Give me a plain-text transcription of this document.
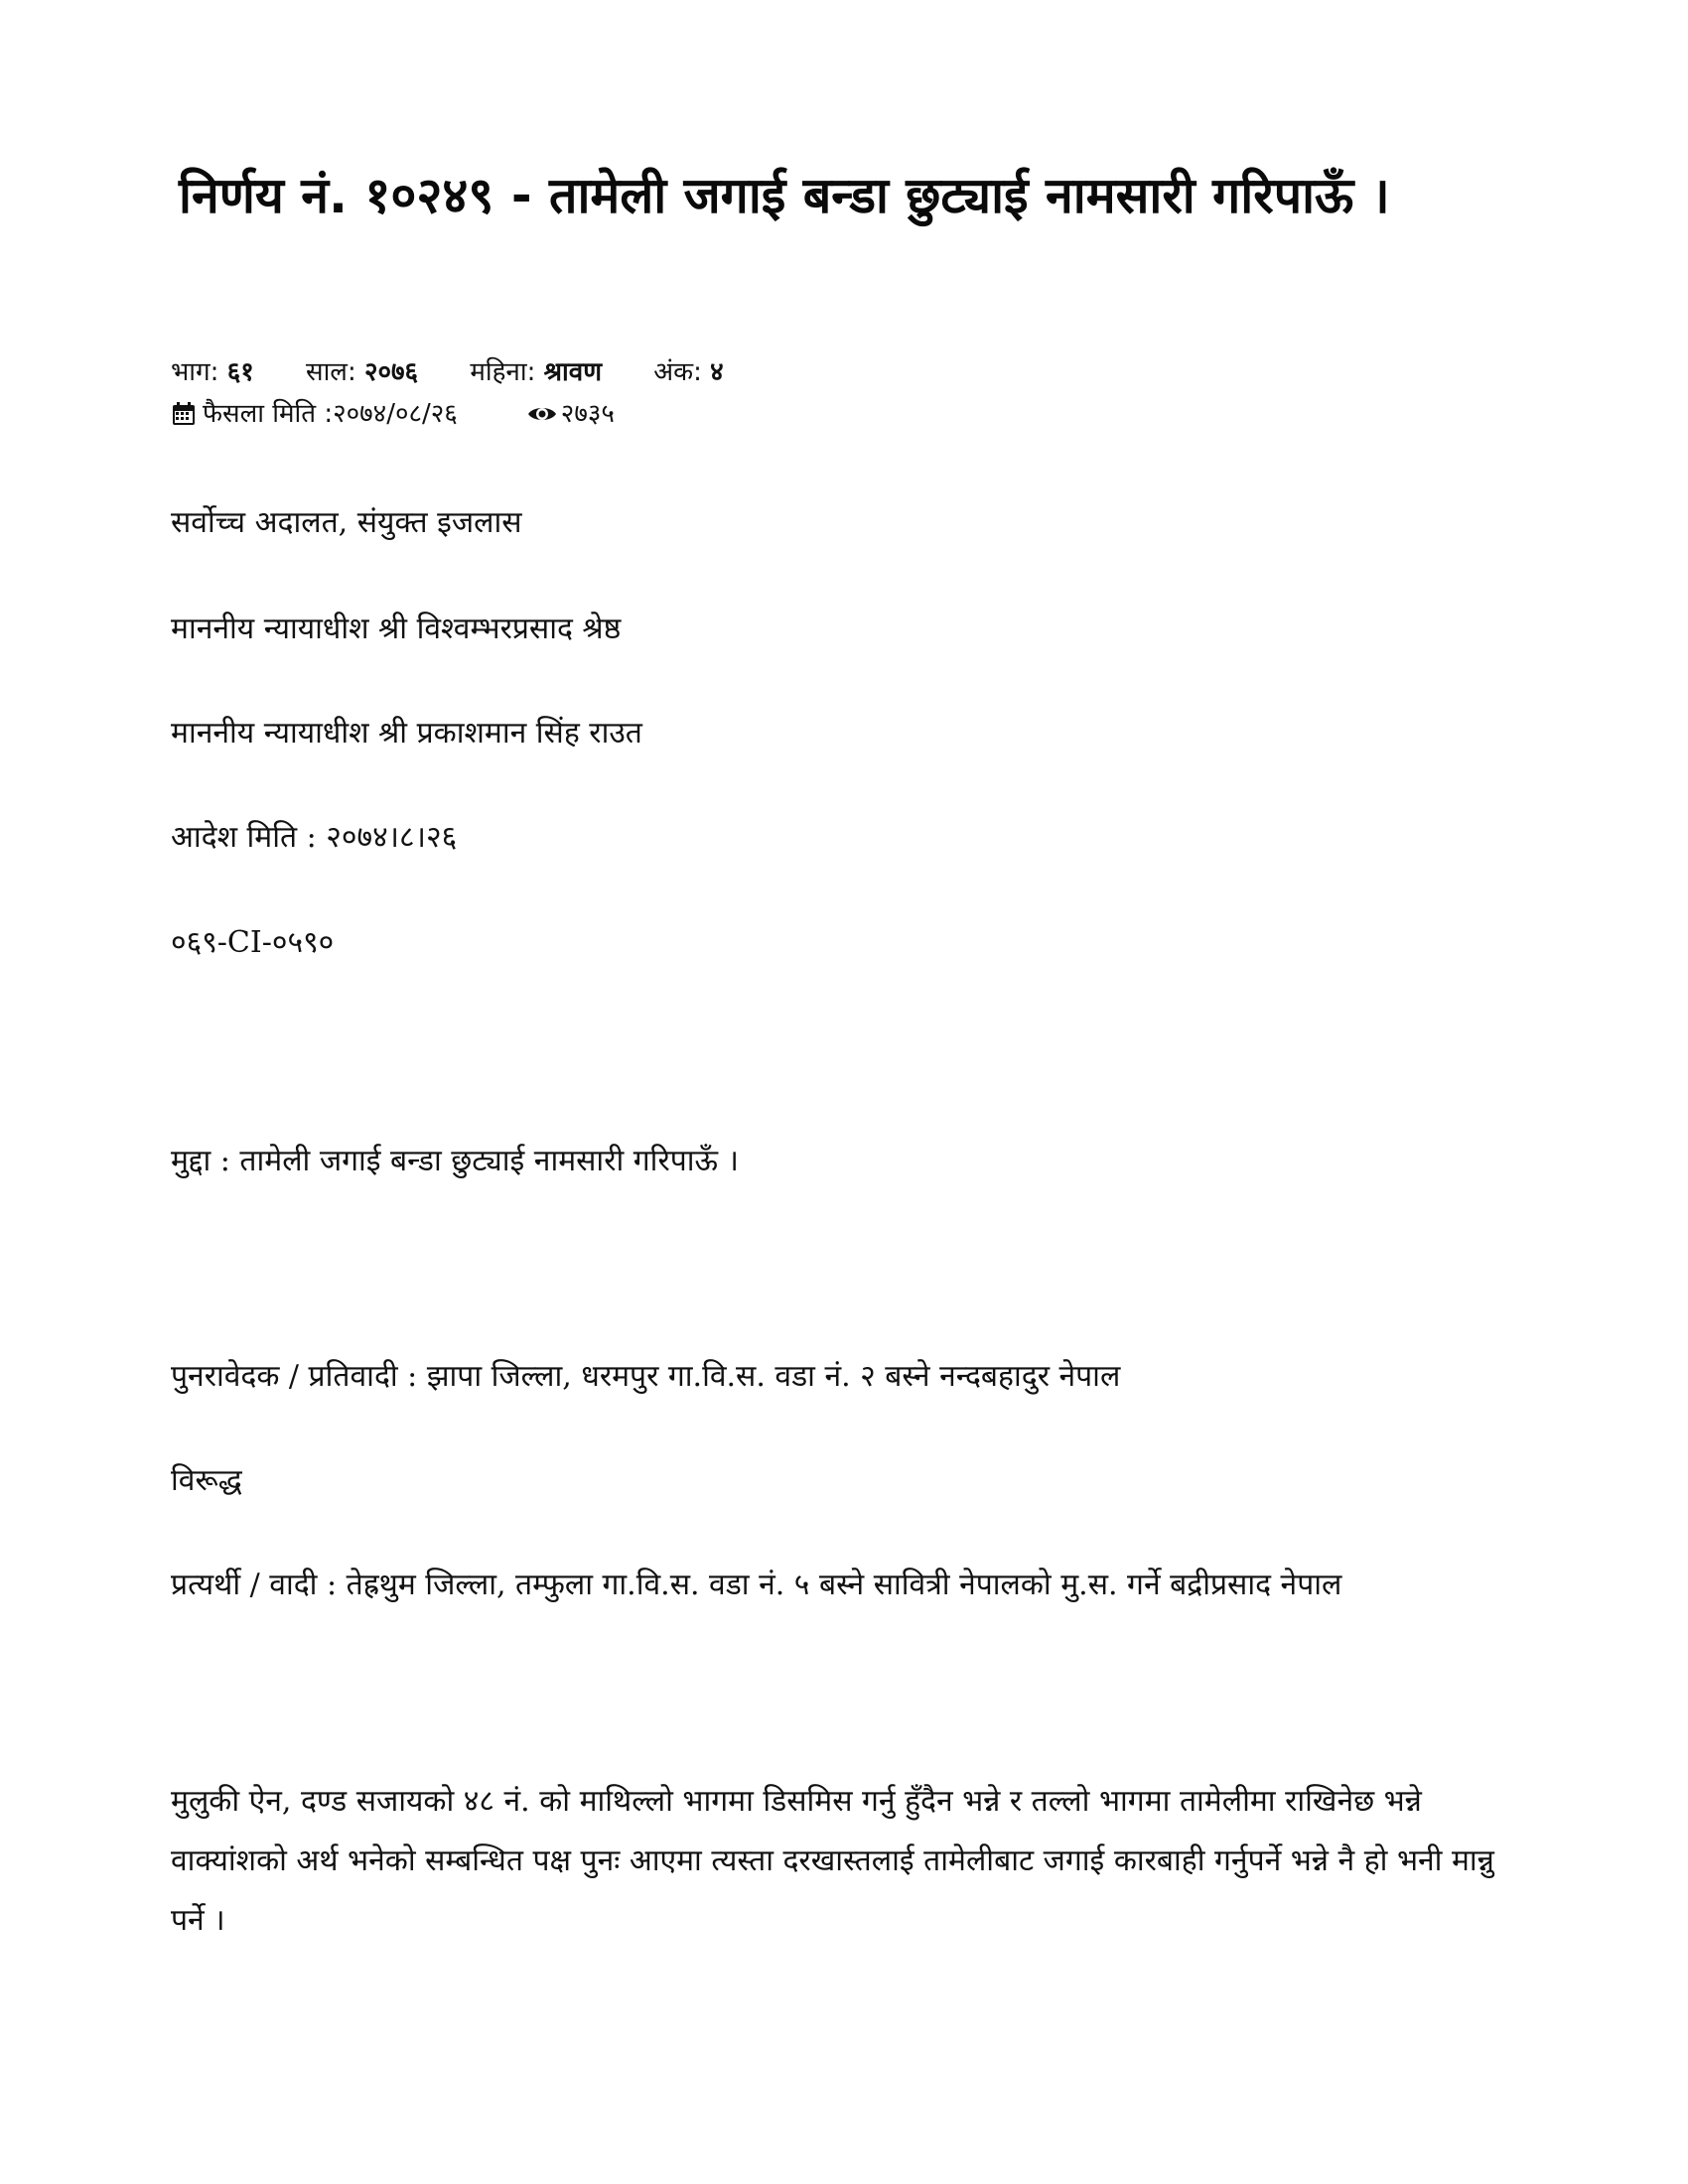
निर्णय नं. १०२४९ - तामेली जगाई बन्डा छुट्याई नामसारी गरिपाऊँ ।
भाग: ६१ साल: २०७६ महिना: श्रावण अंक: ४
फैसला मिति :२०७४/०८/२६	२७३५

सर्वोच्च अदालत, संयुक्त इजलास

माननीय न्यायाधीश श्री विश्वम्भरप्रसाद श्रेष्ठ

माननीय न्यायाधीश श्री प्रकाशमान सिंह राउत

आदेश मिति : २०७४।८।२६

०६९-CI-०५९०

मुद्दा : तामेली जगाई बन्डा छुट्याई नामसारी गरिपाऊँ ।

पुनरावेदक / प्रतिवादी : झापा जिल्ला, धरमपुर गा.वि.स. वडा नं. २ बस्ने नन्दबहादुर नेपाल

विरूद्ध

प्रत्यर्थी / वादी : तेह्रथुम जिल्ला, तम्फुला गा.वि.स. वडा नं. ५ बस्ने सावित्री नेपालको मु.स. गर्ने बद्रीप्रसाद नेपाल

मुलुकी ऐन, दण्ड सजायको ४८ नं. को माथिल्लो भागमा डिसमिस गर्नु हुँदैन भन्ने र तल्लो भागमा तामेलीमा राखिनेछ भन्ने वाक्यांशको अर्थ भनेको सम्बन्धित पक्ष पुनः आएमा त्यस्ता दरखास्तलाई तामेलीबाट जगाई कारबाही गर्नुपर्ने भन्ने नै हो भनी मान्नु पर्ने ।
